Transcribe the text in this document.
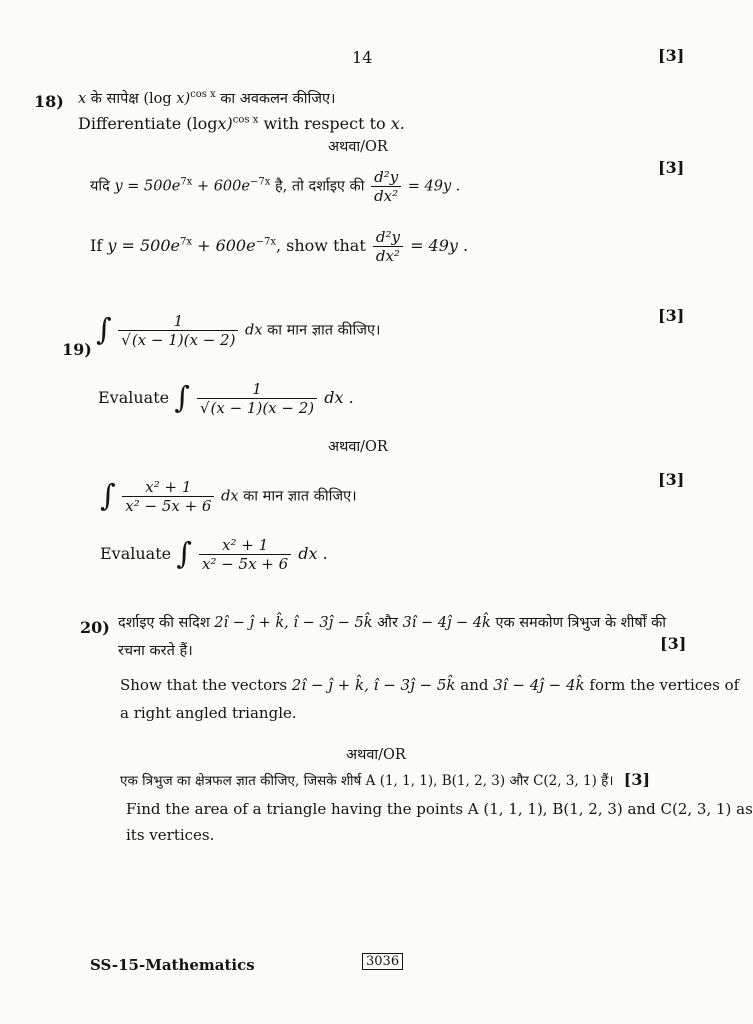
14	[3]
18) x के सापेक्ष (log x)$^{cos x}$ का अवकलन कीजिए।
Differentiate $(\log x)^{cos x}$ with respect to x.
अथवा/OR
[3]
यदि $y = 500e^{7x} + 600e^{-7x}$ है, तो दर्शाइए की $\frac{\text{d²y}}{\text{dx²}} = 49y$ .
If $y = 500e^{7x} + 600e^{-7x}$, show that $\frac{\text{d²y}}{\text{dx²}} = 49y$ .
[3]
19)
∫ $\frac{1}{√(x - 1)(x - 2)}$ dx का मान ज्ञात कीजिए।
Evaluate ∫ $\frac{1}{√(x - 1)(x - 2)}$ dx .
अथवा/OR
[3]
∫ $\frac{\text{x² + 1}}{\text{x² − 5x + 6}}$ dx का मान ज्ञात कीजिए।
Evaluate ∫ $\frac{\text{x² + 1}}{\text{x² − 5x + 6}}$ dx .
20) दर्शाइए की सदिश 2î − ĵ + k̂, î − 3ĵ − 5k̂ और 3î − 4ĵ − 4k̂ एक समकोण त्रिभुज के शीर्षों की
रचना करते हैं।	[3]
Show that the vectors 2î − ĵ + k̂, î − 3ĵ − 5k̂ and 3î − 4ĵ − 4k̂ form the vertices of
a right angled triangle.
अथवा/OR
एक त्रिभुज का क्षेत्रफल ज्ञात कीजिए, जिसके शीर्ष A (1, 1, 1), B(1, 2, 3) और C(2, 3, 1) हैं। [3]
Find the area of a triangle having the points A (1, 1, 1), B(1, 2, 3) and C(2, 3, 1) as
its vertices.
SS-15-Mathematics	3036
